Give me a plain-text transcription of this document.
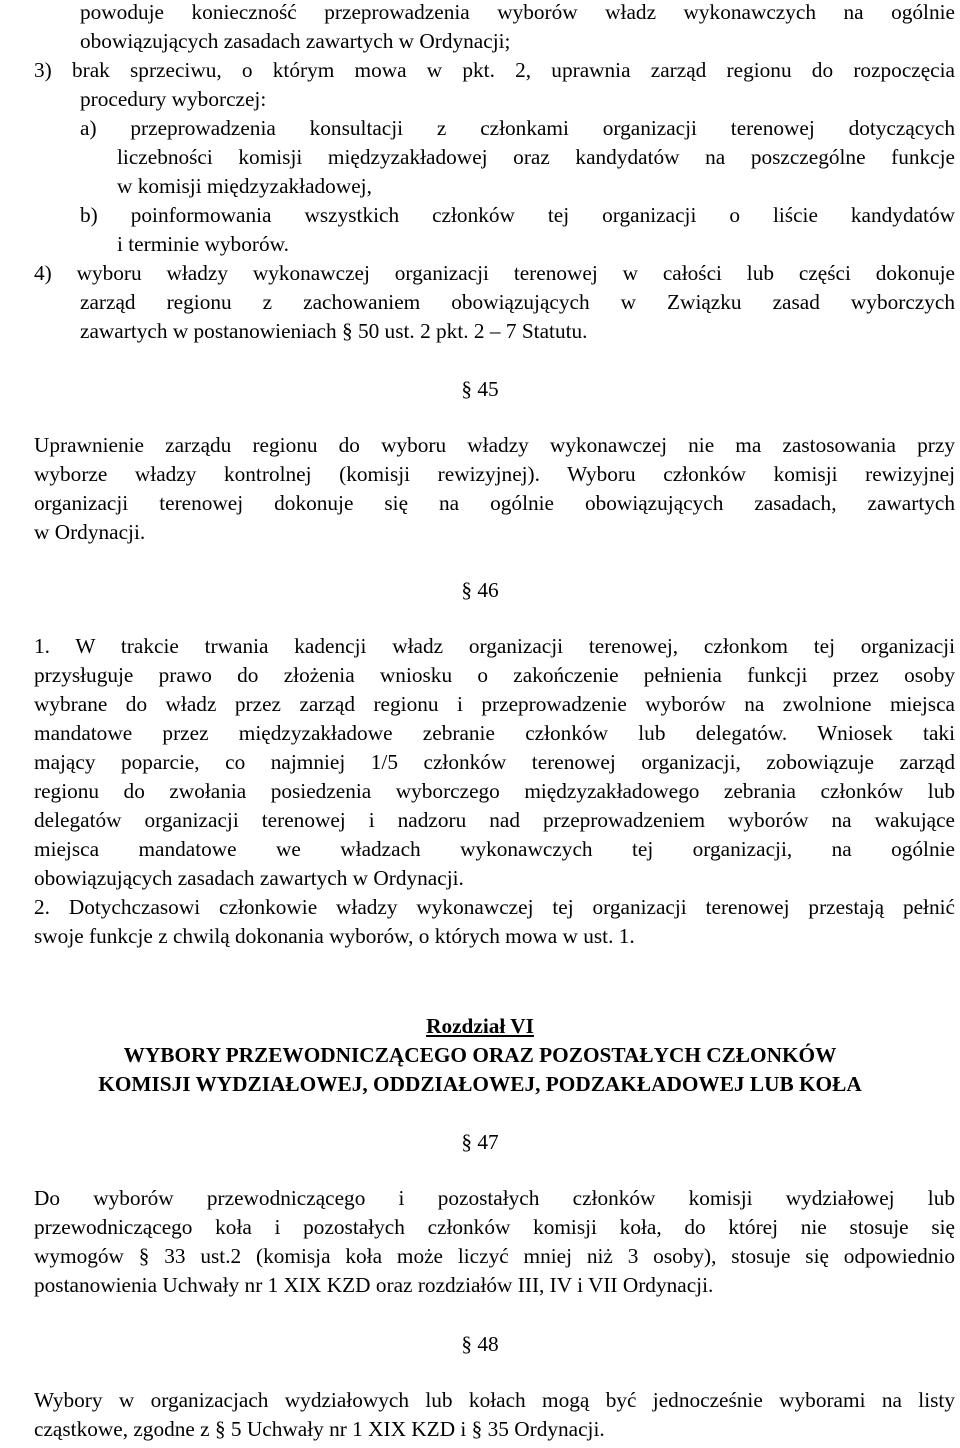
powoduje konieczność przeprowadzenia wyborów władz wykonawczych na ogólnie

obowiązujących zasadach zawartych w Ordynacji;

3) brak sprzeciwu, o którym mowa w pkt. 2, uprawnia zarząd regionu do rozpoczęcia

procedury wyborczej:

a) przeprowadzenia konsultacji z członkami organizacji terenowej dotyczących

liczebności komisji międzyzakładowej oraz kandydatów na poszczególne funkcje

w komisji międzyzakładowej,

b) poinformowania wszystkich członków tej organizacji o liście kandydatów

i terminie wyborów.

4) wyboru władzy wykonawczej organizacji terenowej w całości lub części dokonuje

zarząd regionu z zachowaniem obowiązujących w Związku zasad wyborczych

zawartych w postanowieniach § 50 ust. 2 pkt. 2 – 7 Statutu.

§ 45

Uprawnienie zarządu regionu do wyboru władzy wykonawczej nie ma zastosowania przy

wyborze władzy kontrolnej (komisji rewizyjnej). Wyboru członków komisji rewizyjnej

organizacji terenowej dokonuje się na ogólnie obowiązujących zasadach, zawartych

w Ordynacji.

§ 46

1. W trakcie trwania kadencji władz organizacji terenowej, członkom tej organizacji

przysługuje prawo do złożenia wniosku o zakończenie pełnienia funkcji przez osoby

wybrane do władz przez zarząd regionu i przeprowadzenie wyborów na zwolnione miejsca

mandatowe przez międzyzakładowe zebranie członków lub delegatów. Wniosek taki

mający poparcie, co najmniej 1/5 członków terenowej organizacji, zobowiązuje zarząd

regionu do zwołania posiedzenia wyborczego międzyzakładowego zebrania członków lub

delegatów organizacji terenowej i nadzoru nad przeprowadzeniem wyborów na wakujące

miejsca mandatowe we władzach wykonawczych tej organizacji, na ogólnie

obowiązujących zasadach zawartych w Ordynacji.

2. Dotychczasowi członkowie władzy wykonawczej tej organizacji terenowej przestają pełnić

swoje funkcje z chwilą dokonania wyborów, o których mowa w ust. 1.

Rozdział VI
WYBORY PRZEWODNICZĄCEGO ORAZ POZOSTAŁYCH CZŁONKÓW
KOMISJI WYDZIAŁOWEJ, ODDZIAŁOWEJ, PODZAKŁADOWEJ LUB KOŁA
§ 47

Do wyborów przewodniczącego i pozostałych członków komisji wydziałowej lub

przewodniczącego koła i pozostałych członków komisji koła, do której nie stosuje się

wymogów § 33 ust.2 (komisja koła może liczyć mniej niż 3 osoby), stosuje się odpowiednio

postanowienia Uchwały nr 1 XIX KZD oraz rozdziałów III, IV i VII Ordynacji.

§ 48

Wybory w organizacjach wydziałowych lub kołach mogą być jednocześnie wyborami na listy

cząstkowe, zgodne z § 5 Uchwały nr 1 XIX KZD i § 35 Ordynacji.
